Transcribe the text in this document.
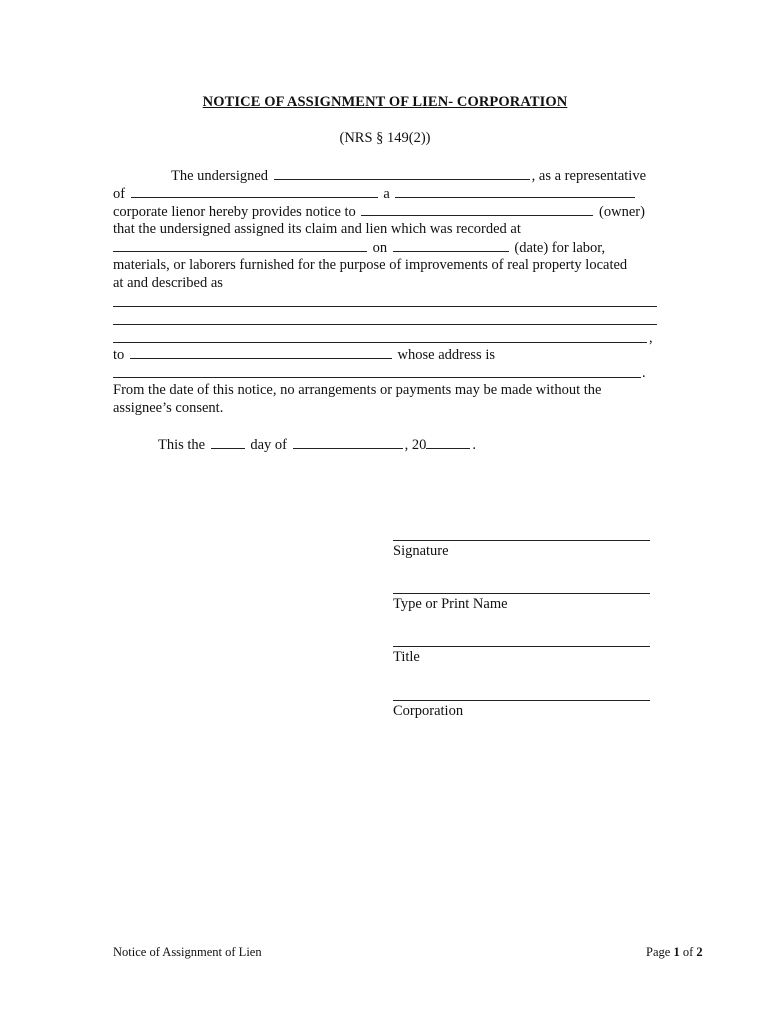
NOTICE OF ASSIGNMENT OF LIEN- CORPORATION
(NRS § 149(2))
The undersigned	, as a representative
of	a
corporate lienor hereby provides notice to	(owner)
that the undersigned assigned its claim and lien which was recorded at
on	(date) for labor,
materials, or laborers furnished for the purpose of improvements of real property located
at and described as
,
to	whose address is
.
From the date of this notice, no arrangements or payments may be made without the
assignee’s consent.
This the	day of	, 20	.
Signature
Type or Print Name
Title
Corporation
Notice of Assignment of Lien	Page 1 of 2
